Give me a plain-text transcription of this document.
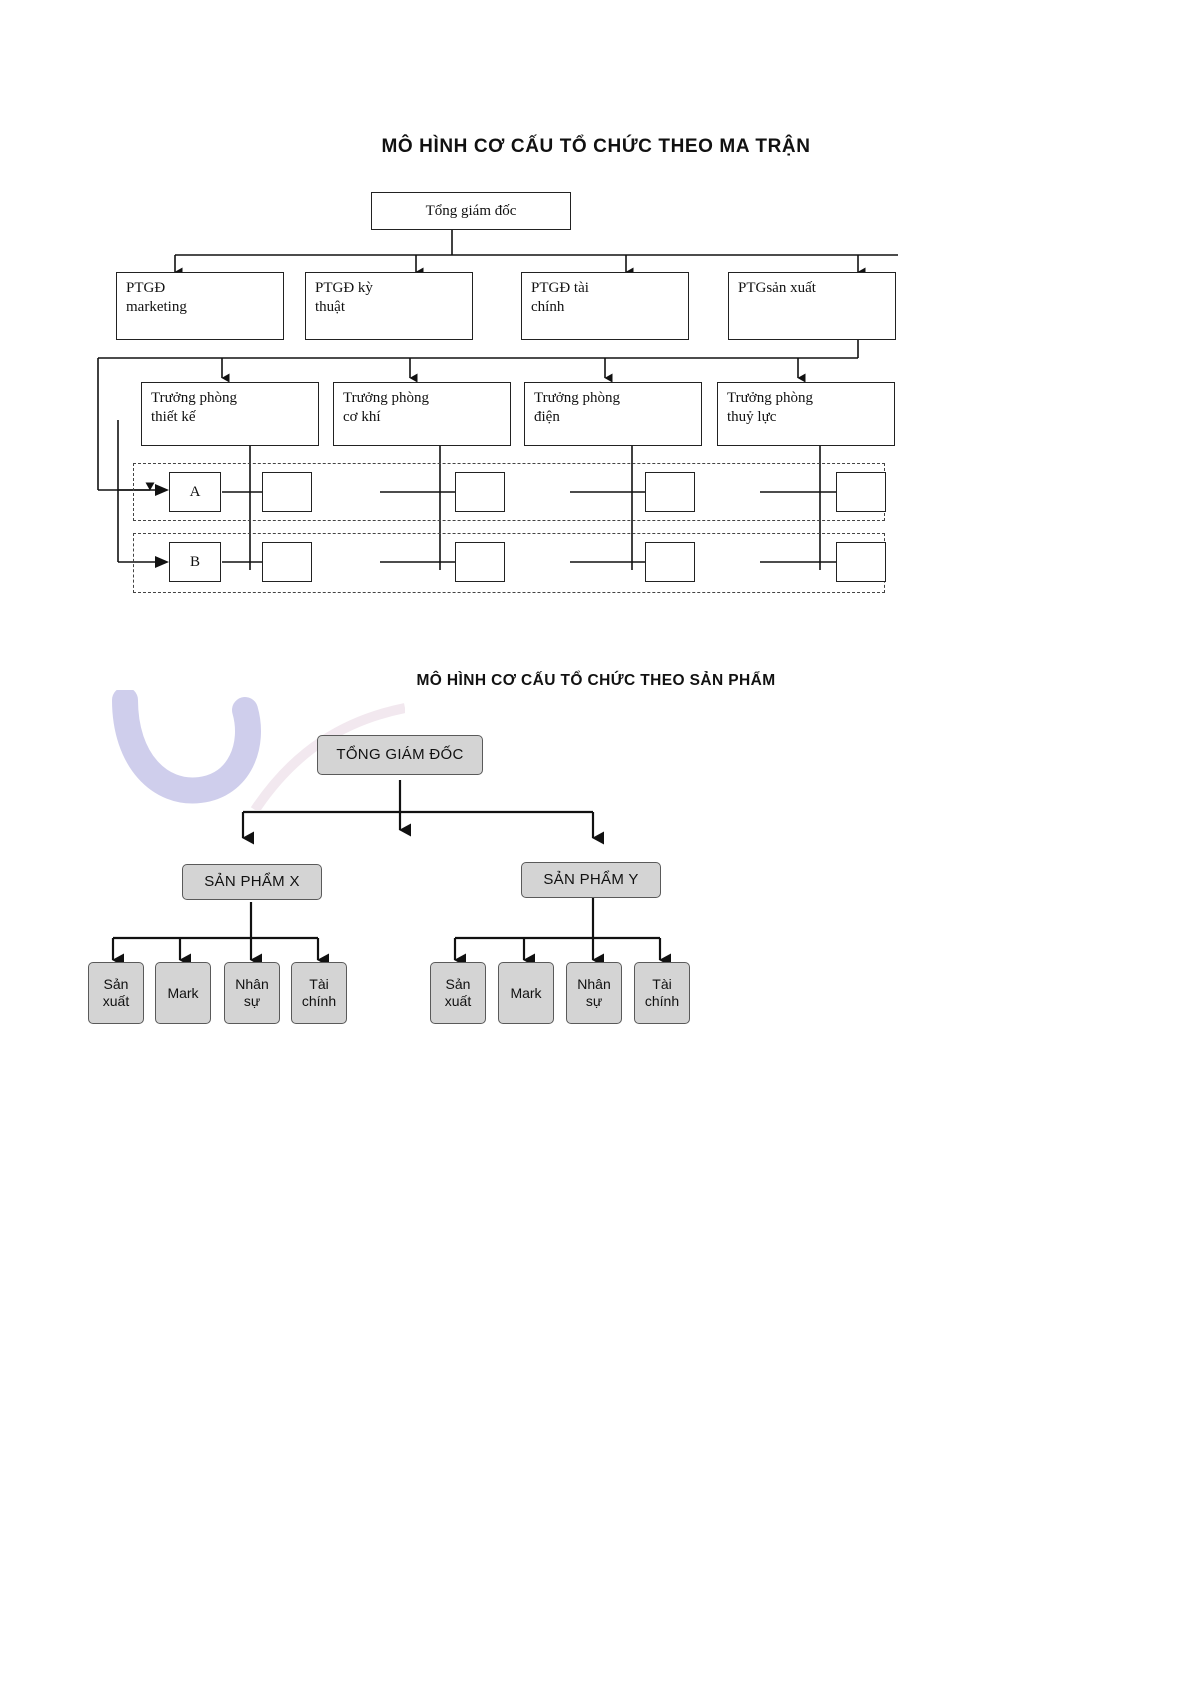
MÔ HÌNH CƠ CẤU TỔ CHỨC THEO MA TRẬN
Tổng giám đốc
PTGĐ
marketing
PTGĐ kỳ
thuật
PTGĐ tài
chính
PTGsản xuất
Trưởng phòng
thiết kế
Trưởng phòng
cơ khí
Trưởng phòng
điện
Trưởng phòng
thuỷ lực
A
B
MÔ HÌNH CƠ CẤU TỔ CHỨC THEO SẢN PHẨM
TỔNG GIÁM ĐỐC
SẢN PHẨM X	SẢN PHẨM Y
Sản
xuất
Mark
Nhân
sự
Tài
chính
Sản
xuất
Mark
Nhân
sự
Tài
chính
